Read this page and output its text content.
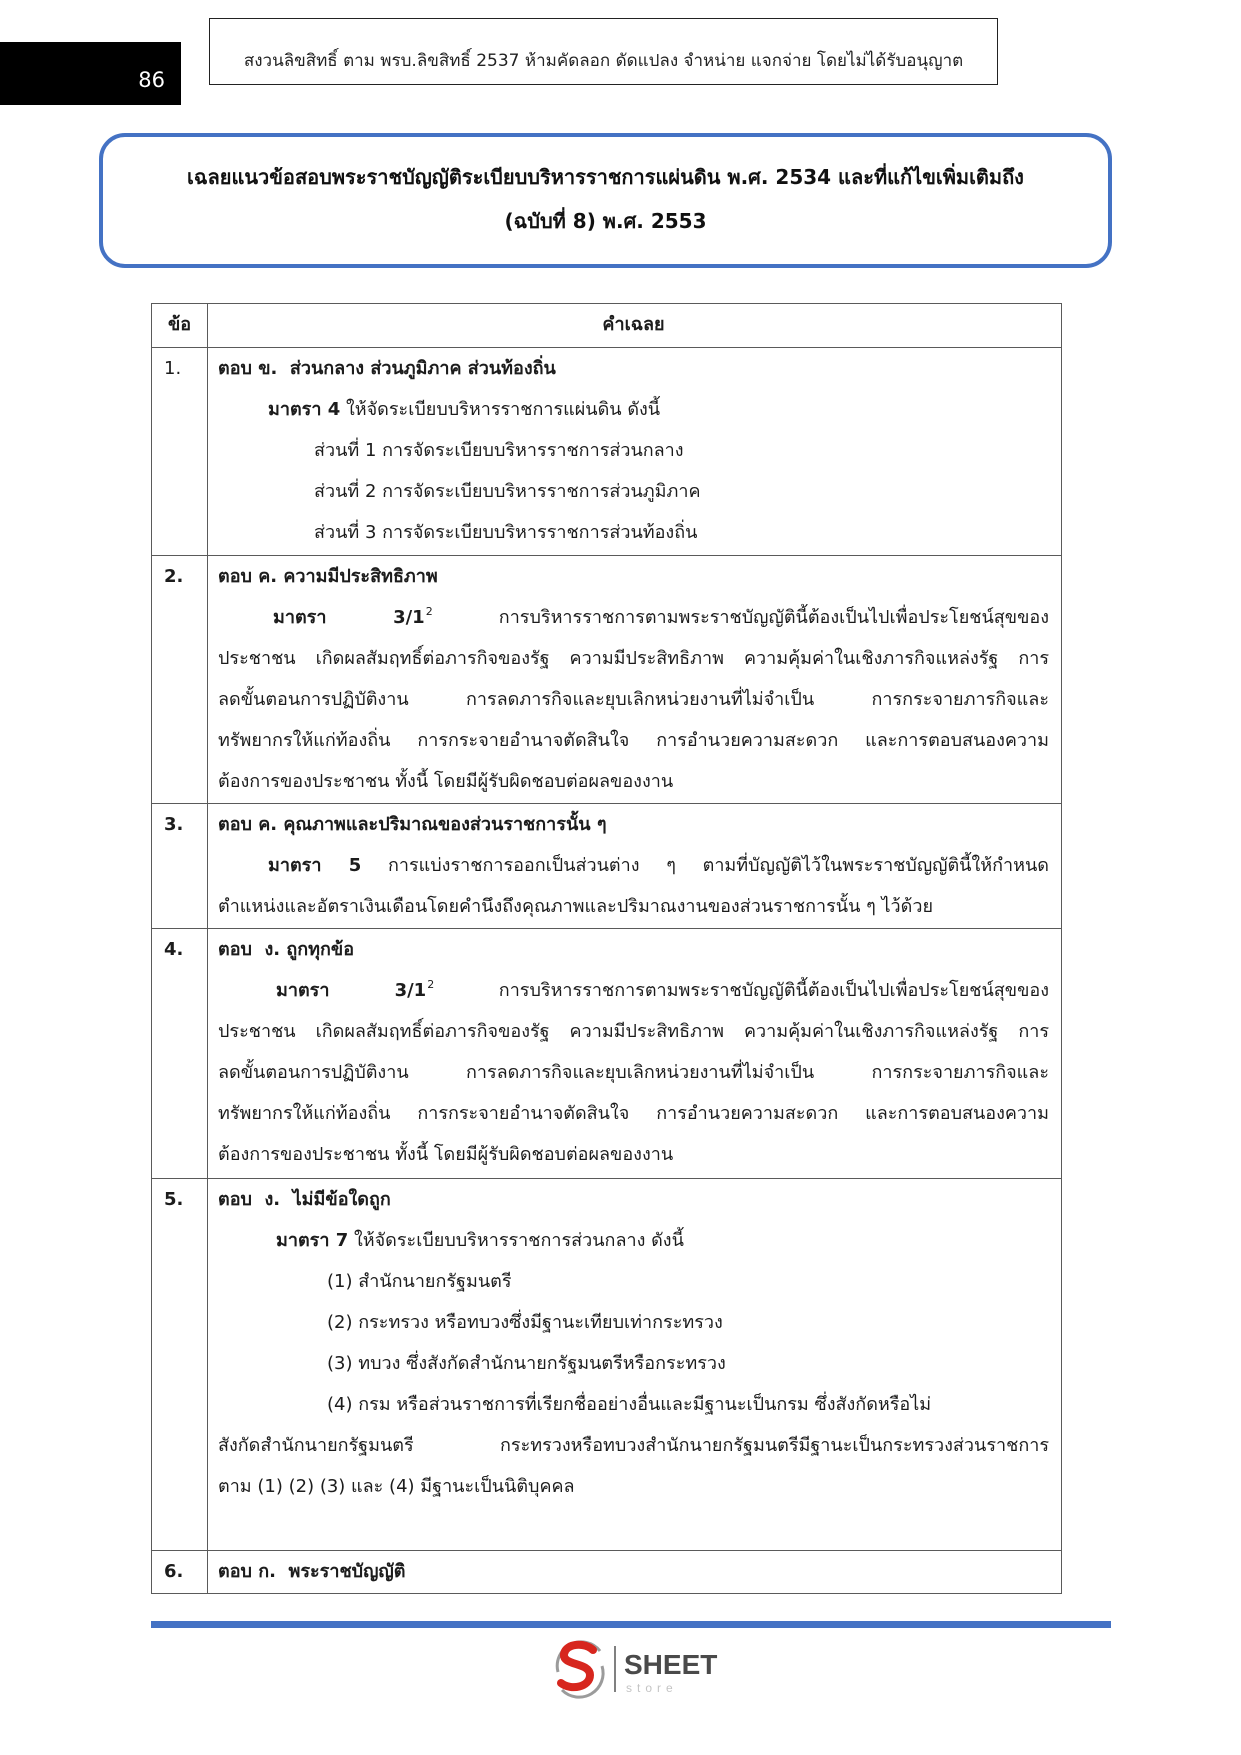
86
สงวนลิขสิทธิ์ ตาม พรบ.ลิขสิทธิ์ 2537 ห้ามคัดลอก ดัดแปลง จำหน่าย แจกจ่าย โดยไม่ได้รับอนุญาต
เฉลยแนวข้อสอบพระราชบัญญัติระเบียบบริหารราชการแผ่นดิน พ.ศ. 2534 และที่แก้ไขเพิ่มเติมถึง
(ฉบับที่ 8) พ.ศ. 2553
ข้อ	คำเฉลย
1.	ตอบ ข.  ส่วนกลาง ส่วนภูมิภาค ส่วนท้องถิ่น
มาตรา 4 ให้จัดระเบียบบริหารราชการแผ่นดิน ดังนี้
ส่วนที่ 1 การจัดระเบียบบริหารราชการส่วนกลาง
ส่วนที่ 2 การจัดระเบียบบริหารราชการส่วนภูมิภาค
ส่วนที่ 3 การจัดระเบียบบริหารราชการส่วนท้องถิ่น
2.	ตอบ ค. ความมีประสิทธิภาพ
มาตรา 3/1$^2$	การบริหารราชการตามพระราชบัญญัตินี้ต้องเป็นไปเพื่อประโยชน์สุขของ
ประชาชน เกิดผลสัมฤทธิ์ต่อภารกิจของรัฐ ความมีประสิทธิภาพ ความคุ้มค่าในเชิงภารกิจแหล่งรัฐ การ
ลดขั้นตอนการปฏิบัติงาน การลดภารกิจและยุบเลิกหน่วยงานที่ไม่จำเป็น การกระจายภารกิจและ
ทรัพยากรให้แก่ท้องถิ่น การกระจายอำนาจตัดสินใจ การอำนวยความสะดวก และการตอบสนองความ
ต้องการของประชาชน ทั้งนี้ โดยมีผู้รับผิดชอบต่อผลของงาน
3.	ตอบ ค. คุณภาพและปริมาณของส่วนราชการนั้น ๆ
มาตรา 5 การแบ่งราชการออกเป็นส่วนต่าง ๆ ตามที่บัญญัติไว้ในพระราชบัญญัตินี้ให้กำหนด
ตำแหน่งและอัตราเงินเดือนโดยคำนึงถึงคุณภาพและปริมาณงานของส่วนราชการนั้น ๆ ไว้ด้วย
4.	ตอบ  ง. ถูกทุกข้อ
มาตรา 3/1$^2$	การบริหารราชการตามพระราชบัญญัตินี้ต้องเป็นไปเพื่อประโยชน์สุขของ
ประชาชน เกิดผลสัมฤทธิ์ต่อภารกิจของรัฐ ความมีประสิทธิภาพ ความคุ้มค่าในเชิงภารกิจแหล่งรัฐ การ
ลดขั้นตอนการปฏิบัติงาน การลดภารกิจและยุบเลิกหน่วยงานที่ไม่จำเป็น การกระจายภารกิจและ
ทรัพยากรให้แก่ท้องถิ่น การกระจายอำนาจตัดสินใจ การอำนวยความสะดวก และการตอบสนองความ
ต้องการของประชาชน ทั้งนี้ โดยมีผู้รับผิดชอบต่อผลของงาน
5.	ตอบ  ง.  ไม่มีข้อใดถูก
มาตรา 7 ให้จัดระเบียบบริหารราชการส่วนกลาง ดังนี้
(1) สำนักนายกรัฐมนตรี
(2) กระทรวง หรือทบวงซึ่งมีฐานะเทียบเท่ากระทรวง
(3) ทบวง ซึ่งสังกัดสำนักนายกรัฐมนตรีหรือกระทรวง
(4) กรม หรือส่วนราชการที่เรียกชื่ออย่างอื่นและมีฐานะเป็นกรม ซึ่งสังกัดหรือไม่
สังกัดสำนักนายกรัฐมนตรี กระทรวงหรือทบวงสำนักนายกรัฐมนตรีมีฐานะเป็นกระทรวงส่วนราชการ
ตาม (1) (2) (3) และ (4) มีฐานะเป็นนิติบุคคล
6.	ตอบ ก.  พระราชบัญญัติ
SHEET
store
